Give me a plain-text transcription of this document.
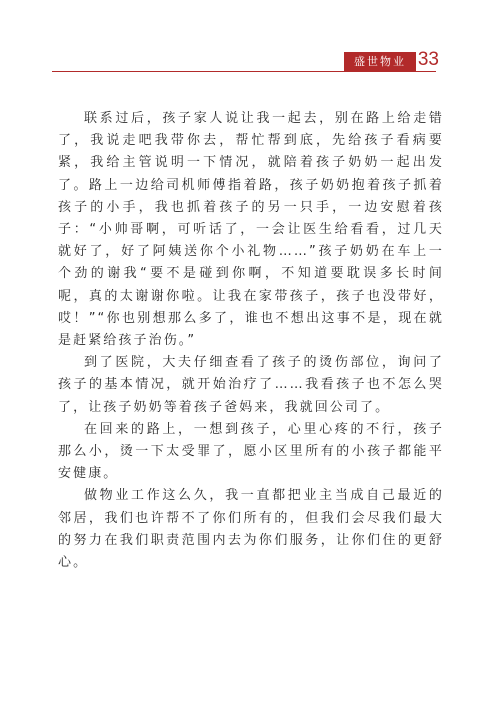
盛世物业 33

联系过后，孩子家人说让我一起去，别在路上给走错了，我说走吧我带你去，帮忙帮到底，先给孩子看病要紧，我给主管说明一下情况，就陪着孩子奶奶一起出发了。路上一边给司机师傅指着路，孩子奶奶抱着孩子抓着孩子的小手，我也抓着孩子的另一只手，一边安慰着孩子：“小帅哥啊，可听话了，一会让医生给看看，过几天就好了，好了阿姨送你个小礼物……”孩子奶奶在车上一个劲的谢我“要不是碰到你啊，不知道要耽误多长时间呢，真的太谢谢你啦。让我在家带孩子，孩子也没带好，哎！”“你也别想那么多了，谁也不想出这事不是，现在就是赶紧给孩子治伤。”

到了医院，大夫仔细查看了孩子的烫伤部位，询问了孩子的基本情况，就开始治疗了……我看孩子也不怎么哭了，让孩子奶奶等着孩子爸妈来，我就回公司了。

在回来的路上，一想到孩子，心里心疼的不行，孩子那么小，烫一下太受罪了，愿小区里所有的小孩子都能平安健康。

做物业工作这么久，我一直都把业主当成自己最近的邻居，我们也许帮不了你们所有的，但我们会尽我们最大的努力在我们职责范围内去为你们服务，让你们住的更舒心。
